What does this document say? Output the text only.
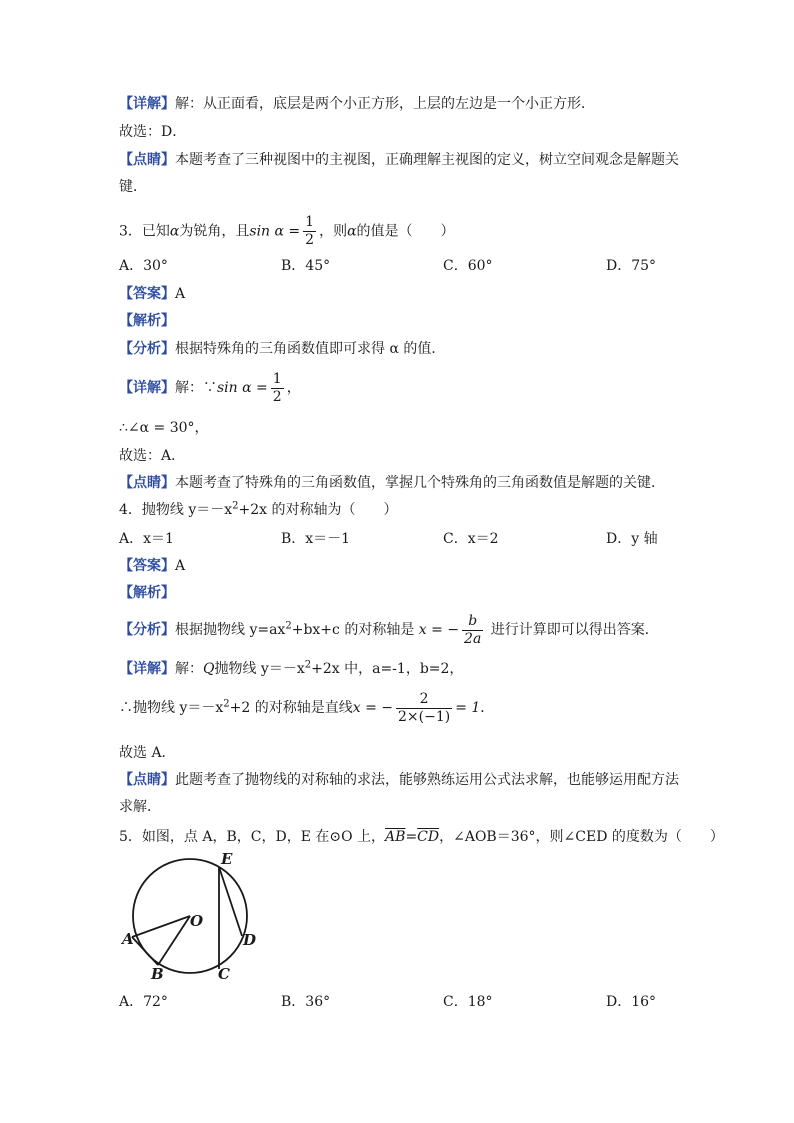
【详解】解：从正面看，底层是两个小正方形，上层的左边是一个小正方形．
故选：D．
【点睛】本题考查了三种视图中的主视图，正确理解主视图的定义，树立空间观念是解题关
键．
3．已知α为锐角，且$\sin \alpha = \frac{1}{2}$ ，则α的值是（　　）
A．30°	B．45°	C．60°	D．75°
【答案】A
【解析】
【分析】根据特殊角的三角函数值即可求得 α 的值．
【详解】解：∵sin $\alpha = \frac{1}{2}$ ，
∴∠α = 30°，
故选：A．
【点睛】本题考查了特殊角的三角函数值，掌握几个特殊角的三角函数值是解题的关键．
4．抛物线 $y=-x^2+2x$ 的对称轴为（　　）
A．x＝1	B．x＝－1	C．x＝2	D．y 轴
【答案】A
【解析】
【分析】根据抛物线 $y=ax^2+bx+c$ 的对称轴是 x = − $\frac{b}{2a}$ 进行计算即可以得出答案．
【详解】解：Q抛物线 $y=-x^2+2x$ 中，a=-1，b=2，
∴抛物线 $y=-x^2+2$ 的对称轴是直线x = − $\frac{2}{2\times(-1)} = 1$．
故选 A．
【点睛】此题考查了抛物线的对称轴的求法，能够熟练运用公式法求解，也能够运用配方法
求解．
5．如图，点 A，B，C，D，E 在⊙O 上，$\overline{AB}=\overline{CD}$，∠AOB＝36°，则∠CED 的度数为（　　）
E
O
A	D
B	C
A．72°	B．36°	C．18°	D．16°
